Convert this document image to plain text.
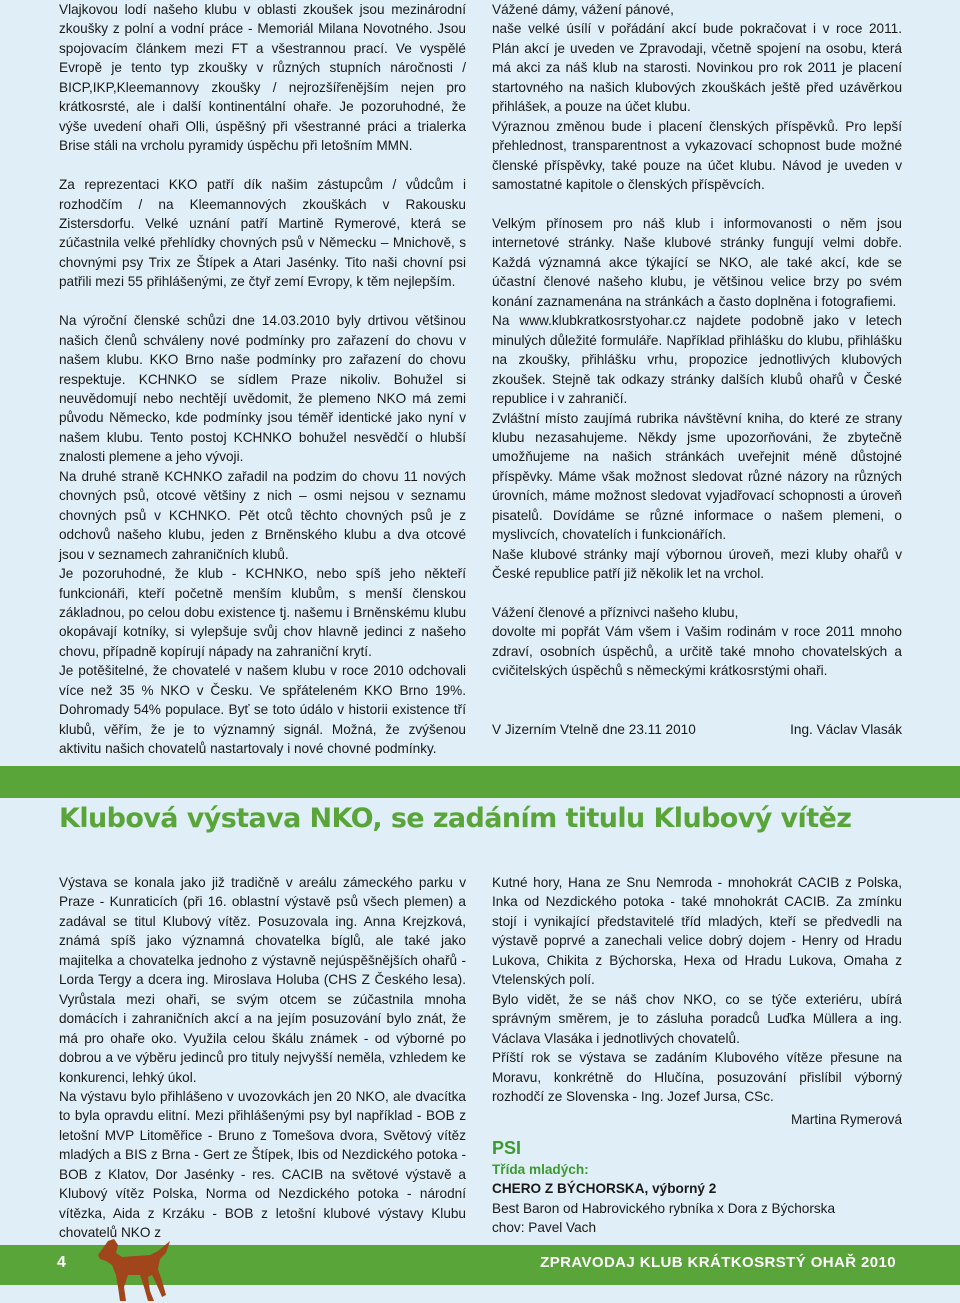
Vlajkovou lodí našeho klubu v oblasti zkoušek jsou mezinárodní zkoušky z polní a vodní práce - Memoriál Milana Novotného. Jsou spojovacím článkem mezi FT a všestrannou prací. Ve vyspělé Evropě je tento typ zkoušky v různých stupních náročnosti / BICP,IKP,Kleemannovy zkoušky / nejrozšířenějším nejen pro krátkosrsté, ale i další kontinentální ohaře. Je pozoruhodné, že výše uvedení ohaři Olli, úspěšný při všestranné práci a trialerka Brise stáli na vrcholu pyramidy úspěchu při letošním MMN.

Za reprezentaci KKO patří dík našim zástupcům / vůdcům i rozhodčím / na Kleemannových zkouškách v Rakousku Zistersdorfu. Velké uznání patří Martině Rymerové, která se zúčastnila velké přehlídky chovných psů v Německu – Mnichově, s chovnými psy Trix ze Štípek a Atari Jasénky. Tito naši chovní psi patřili mezi 55 přihlášenými, ze čtyř zemí Evropy, k těm nejlepším.

Na výroční členské schůzi dne 14.03.2010 byly drtivou většinou našich členů schváleny nové podmínky pro zařazení do chovu v našem klubu. KKO Brno naše podmínky pro zařazení do chovu respektuje. KCHNKO se sídlem Praze nikoliv. Bohužel si neuvědomují nebo nechtějí uvědomit, že plemeno NKO má zemi původu Německo, kde podmínky jsou téměř identické jako nyní v našem klubu. Tento postoj KCHNKO bohužel nesvědčí o hlubší znalosti plemene a jeho vývoji.

Na druhé straně KCHNKO zařadil na podzim do chovu 11 nových chovných psů, otcové většiny z nich – osmi nejsou v seznamu chovných psů v KCHNKO. Pět otců těchto chovných psů je z odchovů našeho klubu, jeden z Brněnského klubu a dva otcové jsou v seznamech zahraničních klubů.

Je pozoruhodné, že klub - KCHNKO, nebo spíš jeho někteří funkcionáři, kteří početně menším klubům, s menší členskou základnou, po celou dobu existence tj. našemu i Brněnskému klubu okopávají kotníky, si vylepšuje svůj chov hlavně jedinci z našeho chovu, případně kopírují nápady na zahraniční krytí.

Je potěšitelné, že chovatelé v našem klubu v roce 2010 odchovali více než 35 % NKO v Česku. Ve spřáteleném KKO Brno 19%. Dohromady 54% populace. Byť se toto údálo v historii existence tří klubů, věřím, že je to významný signál. Možná, že zvýšenou aktivitu našich chovatelů nastartovaly i nové chovné podmínky.

Vážené dámy, vážení pánové,

naše velké úsílí v pořádání akcí bude pokračovat i v roce 2011. Plán akcí je uveden ve Zpravodaji, včetně spojení na osobu, která má akci za náš klub na starosti. Novinkou pro rok 2011 je placení startovného na našich klubových zkouškách ještě před uzávěrkou přihlášek, a pouze na účet klubu.

Výraznou změnou bude i placení členských příspěvků. Pro lepší přehlednost, transparentnost a vykazovací schopnost bude možné členské příspěvky, také pouze na účet klubu. Návod je uveden v samostatné kapitole o členských příspěvcích.

Velkým přínosem pro náš klub i informovanosti o něm jsou internetové stránky. Naše klubové stránky fungují velmi dobře. Každá významná akce týkající se NKO, ale také akcí, kde se účastní členové našeho klubu, je většinou velice brzy po svém konání zaznamenána na stránkách a často doplněna i fotografiemi.

Na www.klubkratkosrstyohar.cz najdete podobně jako v letech minulých důležité formuláře. Například přihlášku do klubu, přihlášku na zkoušky, přihlášku vrhu, propozice jednotlivých klubových zkoušek. Stejně tak odkazy stránky dalších klubů ohařů v České republice i v zahraničí.

Zvláštní místo zaujímá rubrika návštěvní kniha, do které ze strany klubu nezasahujeme. Někdy jsme upozorňováni, že zbytečně umožňujeme na našich stránkách uveřejnit méně důstojné příspěvky. Máme však možnost sledovat různé názory na různých úrovních, máme možnost sledovat vyjadřovací schopnosti a úroveň pisatelů. Dovídáme se různé informace o našem plemeni, o myslivcích, chovatelích i funkcionářích.

Naše klubové stránky mají výbornou úroveň, mezi kluby ohařů v České republice patří již několik let na vrchol.

Vážení členové a příznivci našeho klubu,

dovolte mi popřát Vám všem i Vašim rodinám v roce 2011 mnoho zdraví, osobních úspěchů, a určitě také mnoho chovatelských a cvičitelských úspěchů s německými krátkosrstými ohaři.

V Jizerním Vtelně dne 23.11 2010	Ing. Václav Vlasák
Klubová výstava NKO, se zadáním titulu Klubový vítěz

Výstava se konala jako již tradičně v areálu zámeckého parku v Praze - Kunraticích (při 16. oblastní výstavě psů všech plemen) a zadával se titul Klubový vítěz. Posuzovala ing. Anna Krejzková, známá spíš jako významná chovatelka bíglů, ale také jako majitelka a chovatelka jednoho z výstavně nejúspěšnějších ohařů - Lorda Tergy a dcera ing. Miroslava Holuba (CHS Z Českého lesa). Vyrůstala mezi ohaři, se svým otcem se zúčastnila mnoha domácích i zahraničních akcí a na jejím posuzování bylo znát, že má pro ohaře oko. Využila celou škálu známek - od výborné po dobrou a ve výběru jedinců pro tituly nejvyšší neměla, vzhledem ke konkurenci, lehký úkol.

Na výstavu bylo přihlášeno v uvozovkách jen 20 NKO, ale dvacítka to byla opravdu elitní. Mezi přihlášenými psy byl například - BOB z letošní MVP Litoměřice - Bruno z Tomešova dvora, Světový vítěz mladých a BIS z Brna - Gert ze Štípek, Ibis od Nezdického potoka - BOB z Klatov, Dor Jasénky - res. CACIB na světové výstavě a Klubový vítěz Polska, Norma od Nezdického potoka - národní vítězka, Aida z Krzáku - BOB z letošní klubové výstavy Klubu chovatelů NKO z

Kutné hory, Hana ze Snu Nemroda - mnohokrát CACIB z Polska, Inka od Nezdického potoka - také mnohokrát CACIB. Za zmínku stojí i vynikající představitelé tříd mladých, kteří se předvedli na výstavě poprvé a zanechali velice dobrý dojem - Henry od Hradu Lukova, Chikita z Býchorska, Hexa od Hradu Lukova, Omaha z Vtelenských polí.

Bylo vidět, že se náš chov NKO, co se týče exteriéru, ubírá správným směrem, je to zásluha poradců Luďka Müllera a ing. Václava Vlasáka i jednotlivých chovatelů.

Příští rok se výstava se zadáním Klubového vítěze přesune na Moravu, konkrétně do Hlučína, posuzování přislíbil výborný rozhodčí ze Slovenska - Ing. Jozef Jursa, CSc.

Martina Rymerová

PSI

Třída mladých:

CHERO Z BÝCHORSKA, výborný 2

Best Baron od Habrovického rybníka x Dora z Býchorska

chov: Pavel Vach

4	ZPRAVODAJ KLUB KRÁTKOSRSTÝ OHAŘ 2010
